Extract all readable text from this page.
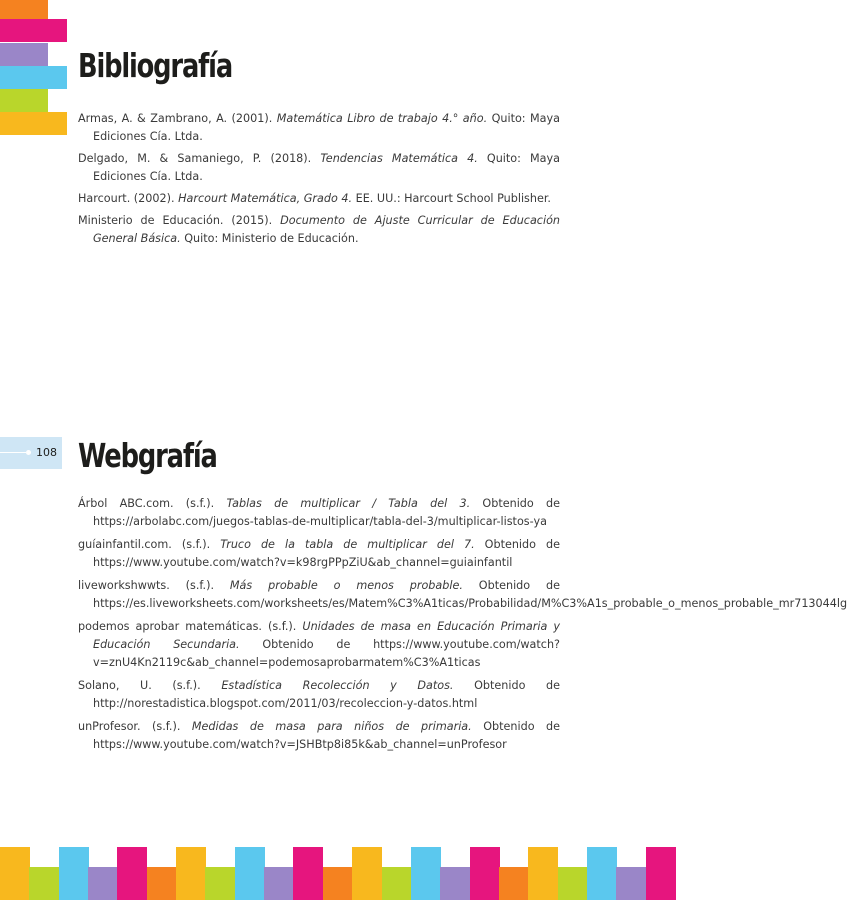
Bibliografía
Armas, A. & Zambrano, A. (2001). Matemática Libro de trabajo 4.° año. Quito: Maya Ediciones Cía. Ltda.
Delgado, M. & Samaniego, P. (2018). Tendencias Matemática 4. Quito: Maya Ediciones Cía. Ltda.
Harcourt. (2002). Harcourt Matemática, Grado 4. EE. UU.: Harcourt School Publisher.
Ministerio de Educación. (2015). Documento de Ajuste Curricular de Educación General Básica. Quito: Ministerio de Educación.
108 Webgrafía
Árbol ABC.com. (s.f.). Tablas de multiplicar / Tabla del 3. Obtenido de https://arbolabc.com/juegos-tablas-de-multiplicar/tabla-del-3/multiplicar-listos-ya
guíainfantil.com. (s.f.). Truco de la tabla de multiplicar del 7. Obtenido de https://www.youtube.com/watch?v=k98rgPPpZiU&ab_channel=guiainfantil
liveworkshwwts. (s.f.). Más probable o menos probable. Obtenido de https://es.liveworksheets.com/worksheets/es/Matem%C3%A1ticas/Probabilidad/M%C3%A1s_probable_o_menos_probable_mr713044lg
podemos aprobar matemáticas. (s.f.). Unidades de masa en Educación Primaria y Educación Secundaria. Obtenido de https://www.youtube.com/watch?v=znU4Kn2119c&ab_channel=podemosaprobarmatem%C3%A1ticas
Solano, U. (s.f.). Estadística Recolección y Datos. Obtenido de http://norestadistica.blogspot.com/2011/03/recoleccion-y-datos.html
unProfesor. (s.f.). Medidas de masa para niños de primaria. Obtenido de https://www.youtube.com/watch?v=JSHBtp8i85k&ab_channel=unProfesor
